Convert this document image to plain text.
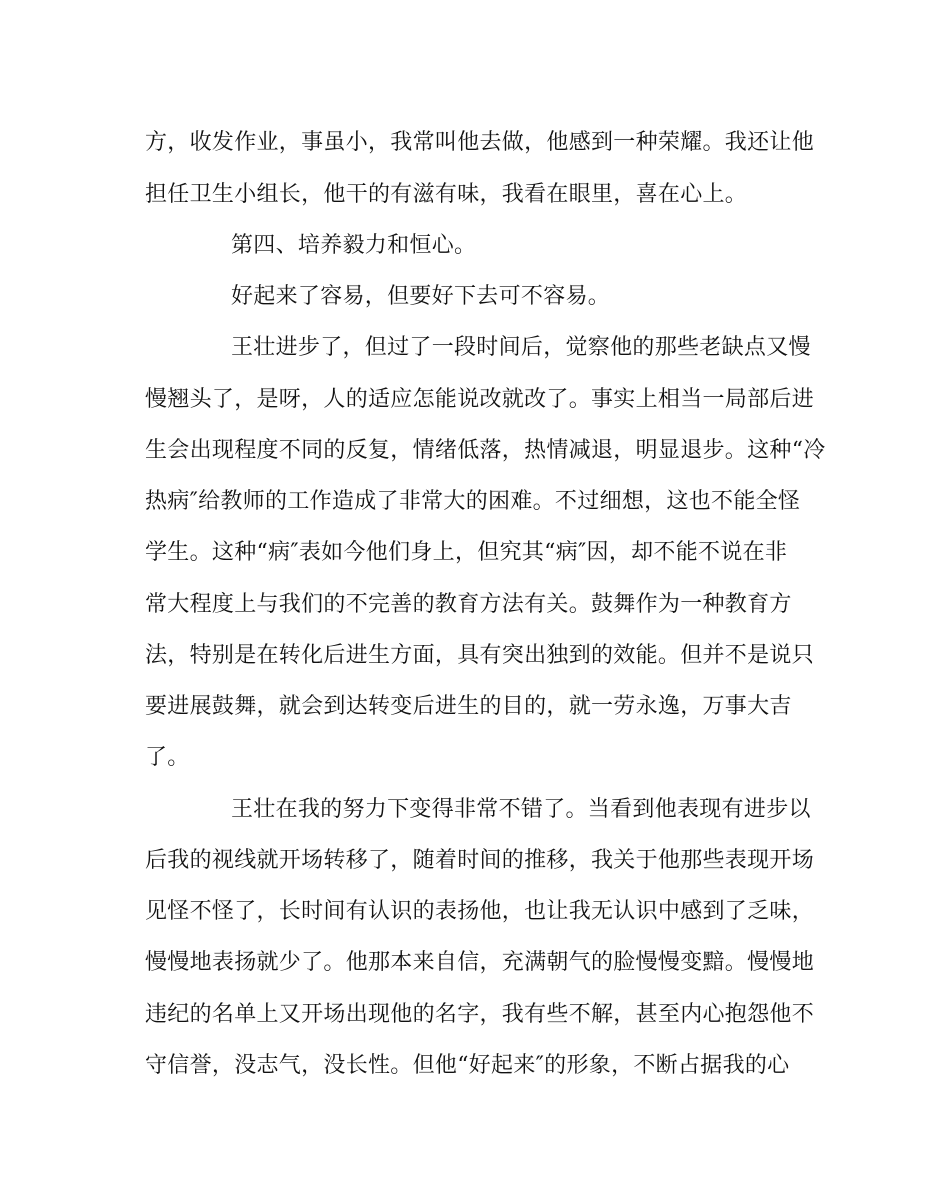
方，收发作业，事虽小，我常叫他去做，他感到一种荣耀。我还让他
担任卫生小组长，他干的有滋有味，我看在眼里，喜在心上。
第四、培养毅力和恒心。
好起来了容易，但要好下去可不容易。
王壮进步了，但过了一段时间后，觉察他的那些老缺点又慢
慢翘头了，是呀，人的适应怎能说改就改了。事实上相当一局部后进
生会出现程度不同的反复，情绪低落，热情减退，明显退步。这种“冷
热病″给教师的工作造成了非常大的困难。不过细想，这也不能全怪
学生。这种“病″表如今他们身上，但究其“病″因，却不能不说在非
常大程度上与我们的不完善的教育方法有关。鼓舞作为一种教育方
法，特别是在转化后进生方面，具有突出独到的效能。但并不是说只
要进展鼓舞，就会到达转变后进生的目的，就一劳永逸，万事大吉
了。
王壮在我的努力下变得非常不错了。当看到他表现有进步以
后我的视线就开场转移了，随着时间的推移，我关于他那些表现开场
见怪不怪了，长时间有认识的表扬他，也让我无认识中感到了乏味，
慢慢地表扬就少了。他那本来自信，充满朝气的脸慢慢变黯。慢慢地
违纪的名单上又开场出现他的名字，我有些不解，甚至内心抱怨他不
守信誉，没志气，没长性。但他“好起来″的形象，不断占据我的心
